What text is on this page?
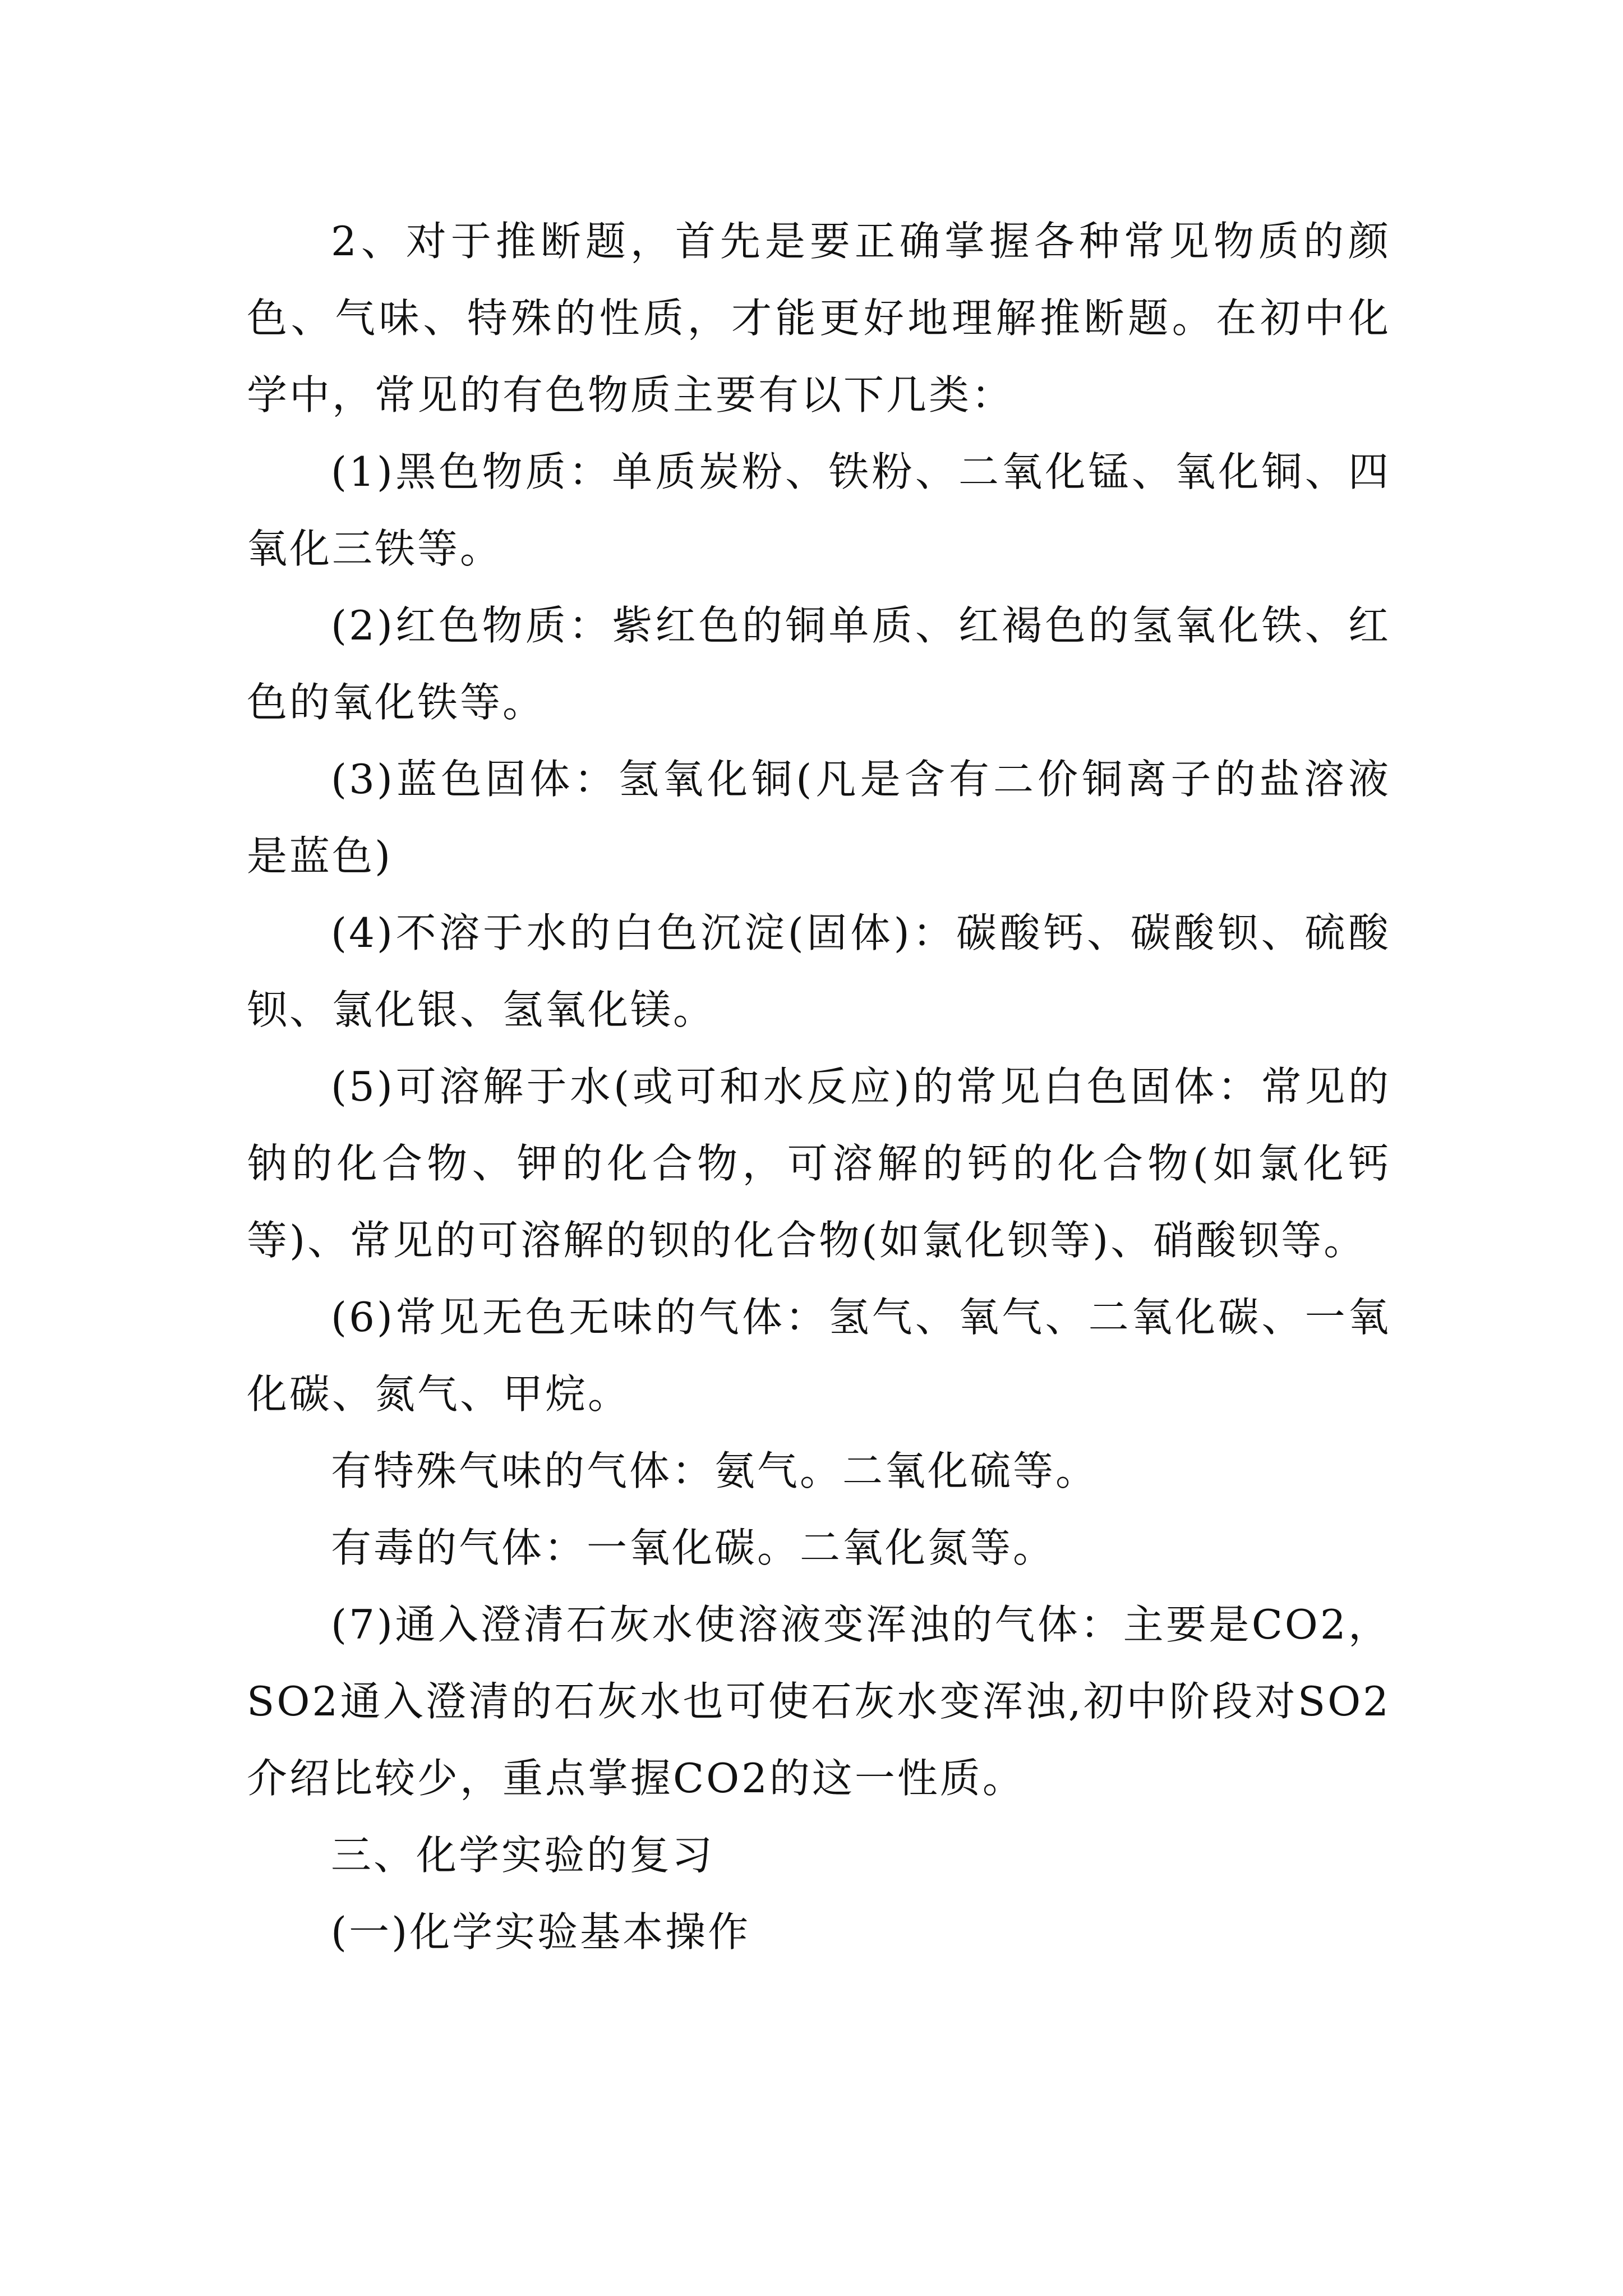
2、对于推断题，首先是要正确掌握各种常见物质的颜色、气味、特殊的性质，才能更好地理解推断题。在初中化学中，常见的有色物质主要有以下几类：

(1)黑色物质：单质炭粉、铁粉、二氧化锰、氧化铜、四氧化三铁等。

(2)红色物质：紫红色的铜单质、红褐色的氢氧化铁、红色的氧化铁等。

(3)蓝色固体：氢氧化铜(凡是含有二价铜离子的盐溶液是蓝色)

(4)不溶于水的白色沉淀(固体)：碳酸钙、碳酸钡、硫酸钡、氯化银、氢氧化镁。

(5)可溶解于水(或可和水反应)的常见白色固体：常见的钠的化合物、钾的化合物，可溶解的钙的化合物(如氯化钙等)、常见的可溶解的钡的化合物(如氯化钡等)、硝酸钡等。

(6)常见无色无味的气体：氢气、氧气、二氧化碳、一氧化碳、氮气、甲烷。

有特殊气味的气体：氨气。二氧化硫等。

有毒的气体：一氧化碳。二氧化氮等。

(7)通入澄清石灰水使溶液变浑浊的气体：主要是CO2，SO2通入澄清的石灰水也可使石灰水变浑浊,初中阶段对SO2介绍比较少，重点掌握CO2的这一性质。

三、化学实验的复习

(一)化学实验基本操作
